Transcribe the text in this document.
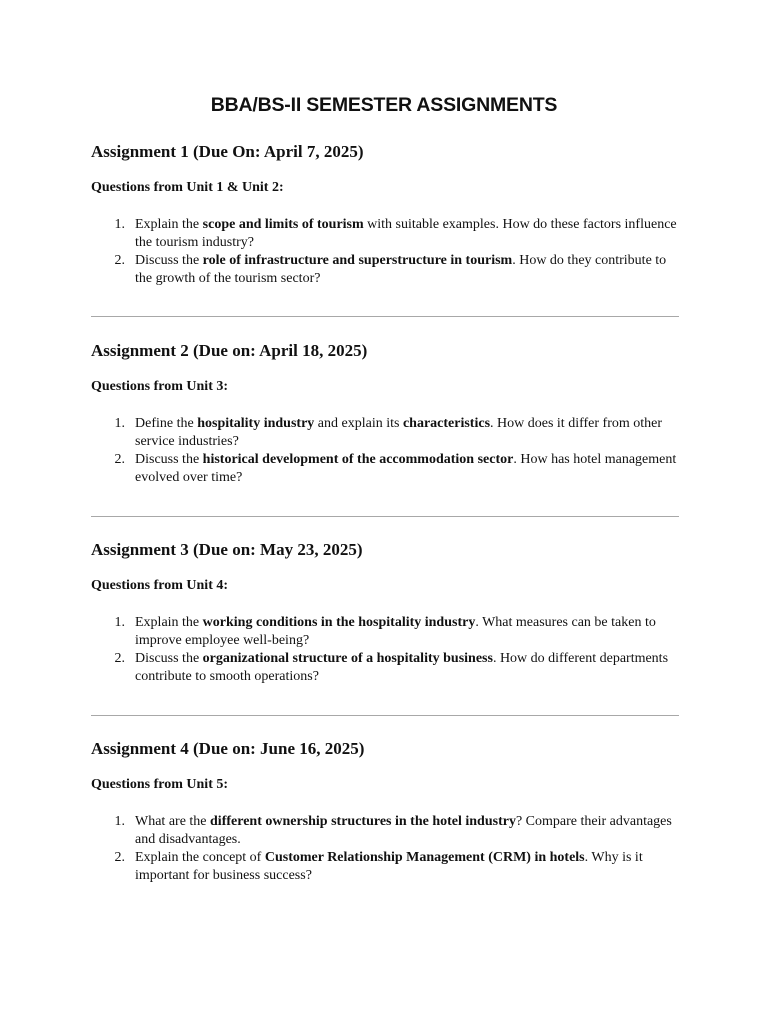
BBA/BS-II SEMESTER ASSIGNMENTS
Assignment 1 (Due On: April 7, 2025)

Questions from Unit 1 & Unit 2:

1. Explain the scope and limits of tourism with suitable examples. How do these factors influence the tourism industry?
2. Discuss the role of infrastructure and superstructure in tourism. How do they contribute to the growth of the tourism sector?
Assignment 2 (Due on: April 18, 2025)

Questions from Unit 3:

1. Define the hospitality industry and explain its characteristics. How does it differ from other service industries?
2. Discuss the historical development of the accommodation sector. How has hotel management evolved over time?
Assignment 3 (Due on: May 23, 2025)

Questions from Unit 4:

1. Explain the working conditions in the hospitality industry. What measures can be taken to improve employee well-being?
2. Discuss the organizational structure of a hospitality business. How do different departments contribute to smooth operations?
Assignment 4 (Due on: June 16, 2025)

Questions from Unit 5:

1. What are the different ownership structures in the hotel industry? Compare their advantages and disadvantages.
2. Explain the concept of Customer Relationship Management (CRM) in hotels. Why is it important for business success?
